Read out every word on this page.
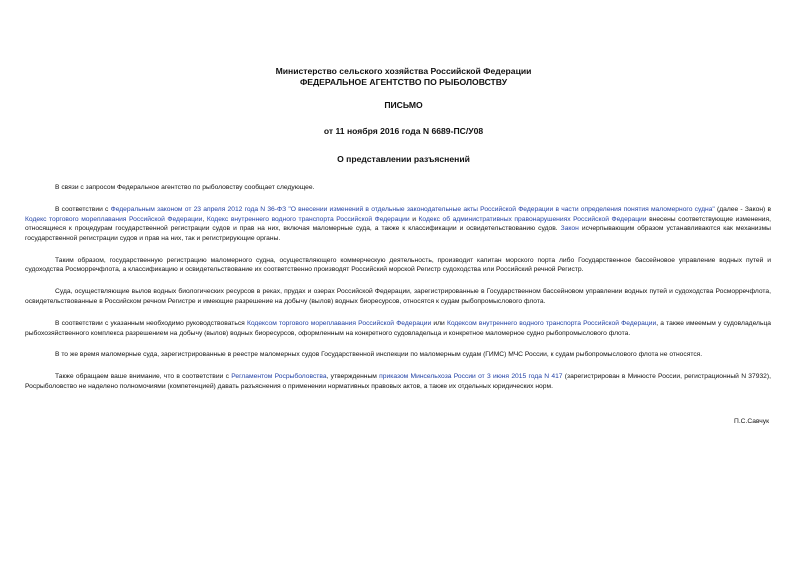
Министерство сельского хозяйства Российской Федерации
ФЕДЕРАЛЬНОЕ АГЕНТСТВО ПО РЫБОЛОВСТВУ
ПИСЬМО
от 11 ноября 2016 года N 6689-ПС/У08
О представлении разъяснений

В связи с запросом Федеральное агентство по рыболовству сообщает следующее.

В соответствии с Федеральным законом от 23 апреля 2012 года N 36-ФЗ "О внесении изменений в отдельные законодательные акты Российской Федерации в части определения понятия маломерного судна" (далее - Закон) в Кодекс торгового мореплавания Российской Федерации, Кодекс внутреннего водного транспорта Российской Федерации и Кодекс об административных правонарушениях Российской Федерации внесены соответствующие изменения, относящиеся к процедурам государственной регистрации судов и прав на них, включая маломерные суда, а также к классификации и освидетельствованию судов. Закон исчерпывающим образом устанавливаются как механизмы государственной регистрации судов и прав на них, так и регистрирующие органы.

Таким образом, государственную регистрацию маломерного судна, осуществляющего коммерческую деятельность, производит капитан морского порта либо Государственное бассейновое управление водных путей и судоходства Росморречфлота, а классификацию и освидетельствование их соответственно производят Российский морской Регистр судоходства или Российский речной Регистр.

Суда, осуществляющие вылов водных биологических ресурсов в реках, прудах и озерах Российской Федерации, зарегистрированные в Государственном бассейновом управлении водных путей и судоходства Росморречфлота, освидетельствованные в Российском речном Регистре и имеющие разрешение на добычу (вылов) водных биоресурсов, относятся к судам рыбопромыслового флота.

В соответствии с указанным необходимо руководствоваться Кодексом торгового мореплавания Российской Федерации или Кодексом внутреннего водного транспорта Российской Федерации, а также имеемым у судовладельца рыбохозяйственного комплекса разрешением на добычу (вылов) водных биоресурсов, оформленным на конкретного судовладельца и конкретное маломерное судно рыбопромыслового флота.

В то же время маломерные суда, зарегистрированные в реестре маломерных судов Государственной инспекции по маломерным судам (ГИМС) МЧС России, к судам рыбопромыслового флота не относятся.

Также обращаем ваше внимание, что в соответствии с Регламентом Росрыболовства, утвержденным приказом Минсельхоза России от 3 июня 2015 года N 417 (зарегистрирован в Минюсте России, регистрационный N 37932), Росрыболовство не наделено полномочиями (компетенцией) давать разъяснения о применении нормативных правовых актов, а также их отдельных юридических норм.

П.С.Савчук
